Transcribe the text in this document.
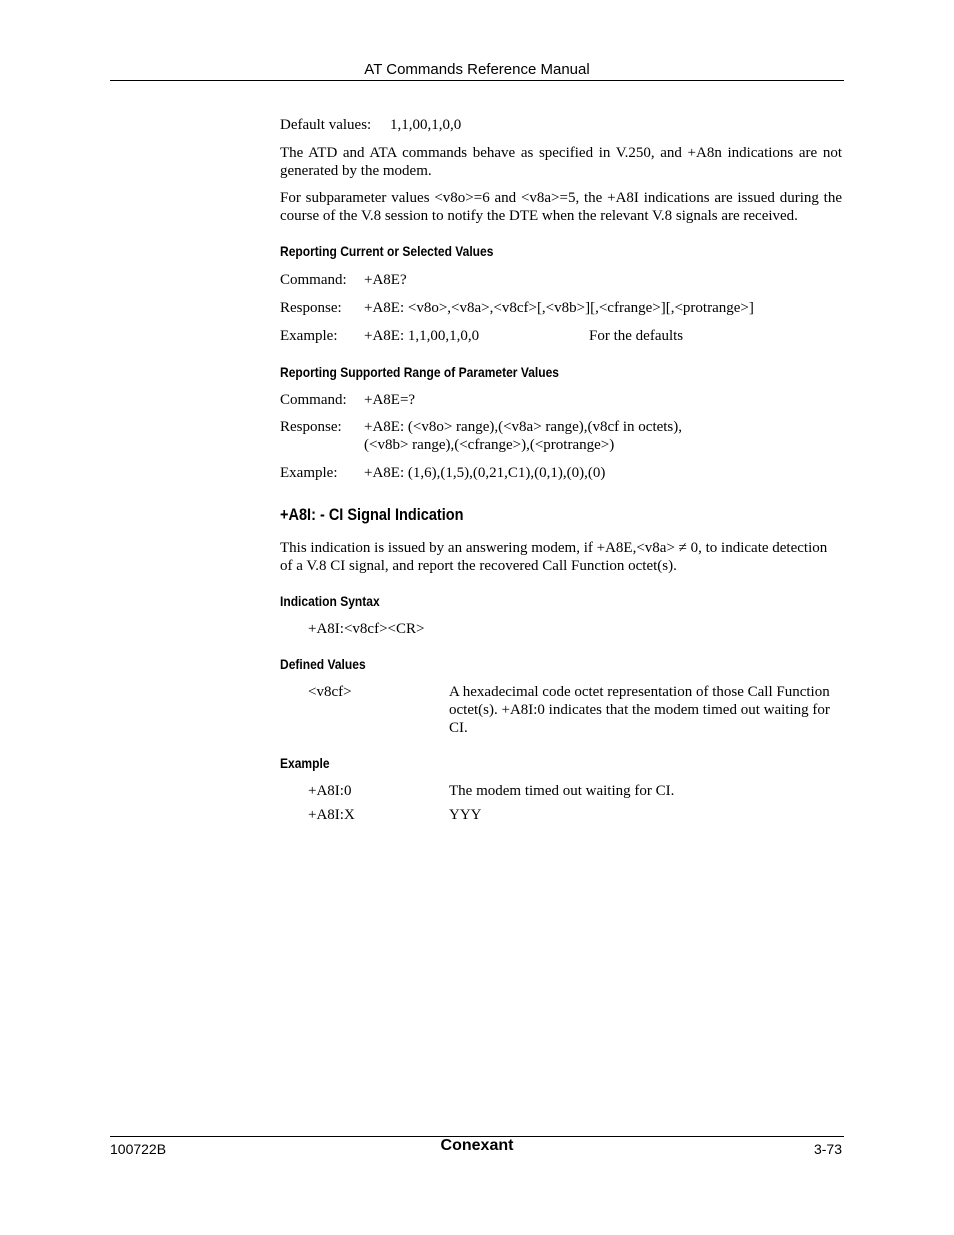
AT Commands Reference Manual
Default values: 1,1,00,1,0,0

The ATD and ATA commands behave as specified in V.250, and +A8n indications are not generated by the modem.

For subparameter values <v8o>=6 and <v8a>=5, the +A8I indications are issued during the course of the V.8 session to notify the DTE when the relevant V.8 signals are received.

Reporting Current or Selected Values
Command: +A8E?
Response: +A8E: <v8o>,<v8a>,<v8cf>[,<v8b>][,<cfrange>][,<protrange>]
Example: +A8E: 1,1,00,1,0,0	For the defaults
Reporting Supported Range of Parameter Values
Command: +A8E=?
Response: +A8E: (<v8o> range),(<v8a> range),(v8cf in octets),
(<v8b> range),(<cfrange>),(<protrange>)
Example: +A8E: (1,6),(1,5),(0,21,C1),(0,1),(0),(0)
+A8I: - CI Signal Indication

This indication is issued by an answering modem, if +A8E,<v8a> ≠ 0, to indicate detection of a V.8 CI signal, and report the recovered Call Function octet(s).

Indication Syntax
+A8I:<v8cf><CR>
Defined Values
<v8cf>	A hexadecimal code octet representation of those Call Function octet(s). +A8I:0 indicates that the modem timed out waiting for CI.
Example
+A8I:0	The modem timed out waiting for CI.
+A8I:X	YYY
100722B	Conexant	3-73
